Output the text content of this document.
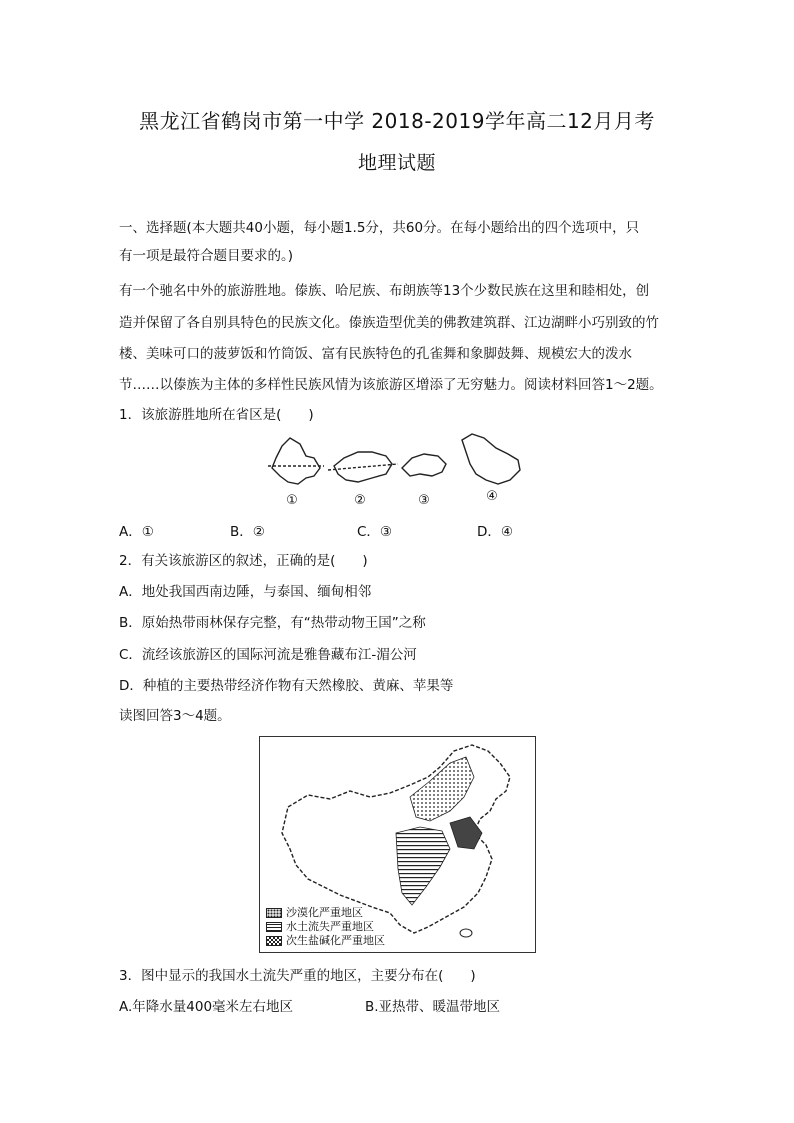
黑龙江省鹤岗市第一中学 2018-2019学年高二12月月考
地理试题
一、选择题(本大题共40小题，每小题1.5分，共60分。在每小题给出的四个选项中，只
有一项是最符合题目要求的。)
有一个驰名中外的旅游胜地。傣族、哈尼族、布朗族等13个少数民族在这里和睦相处，创
造并保留了各自别具特色的民族文化。傣族造型优美的佛教建筑群、江边湖畔小巧别致的竹
楼、美味可口的菠萝饭和竹筒饭、富有民族特色的孔雀舞和象脚鼓舞、规模宏大的泼水
节……以傣族为主体的多样性民族风情为该旅游区增添了无穷魅力。阅读材料回答1～2题。
1．该旅游胜地所在省区是(　　)
①	②	③	④
A．①	B．②	C．③	D．④
2．有关该旅游区的叙述，正确的是(　　)
A．地处我国西南边陲，与泰国、缅甸相邻
B．原始热带雨林保存完整，有“热带动物王国”之称
C．流经该旅游区的国际河流是雅鲁藏布江-湄公河
D．种植的主要热带经济作物有天然橡胶、黄麻、苹果等
读图回答3～4题。
沙漠化严重地区
水土流失严重地区
次生盐碱化严重地区
3．图中显示的我国水土流失严重的地区，主要分布在(　　)
A.年降水量400毫米左右地区	B.亚热带、暖温带地区
